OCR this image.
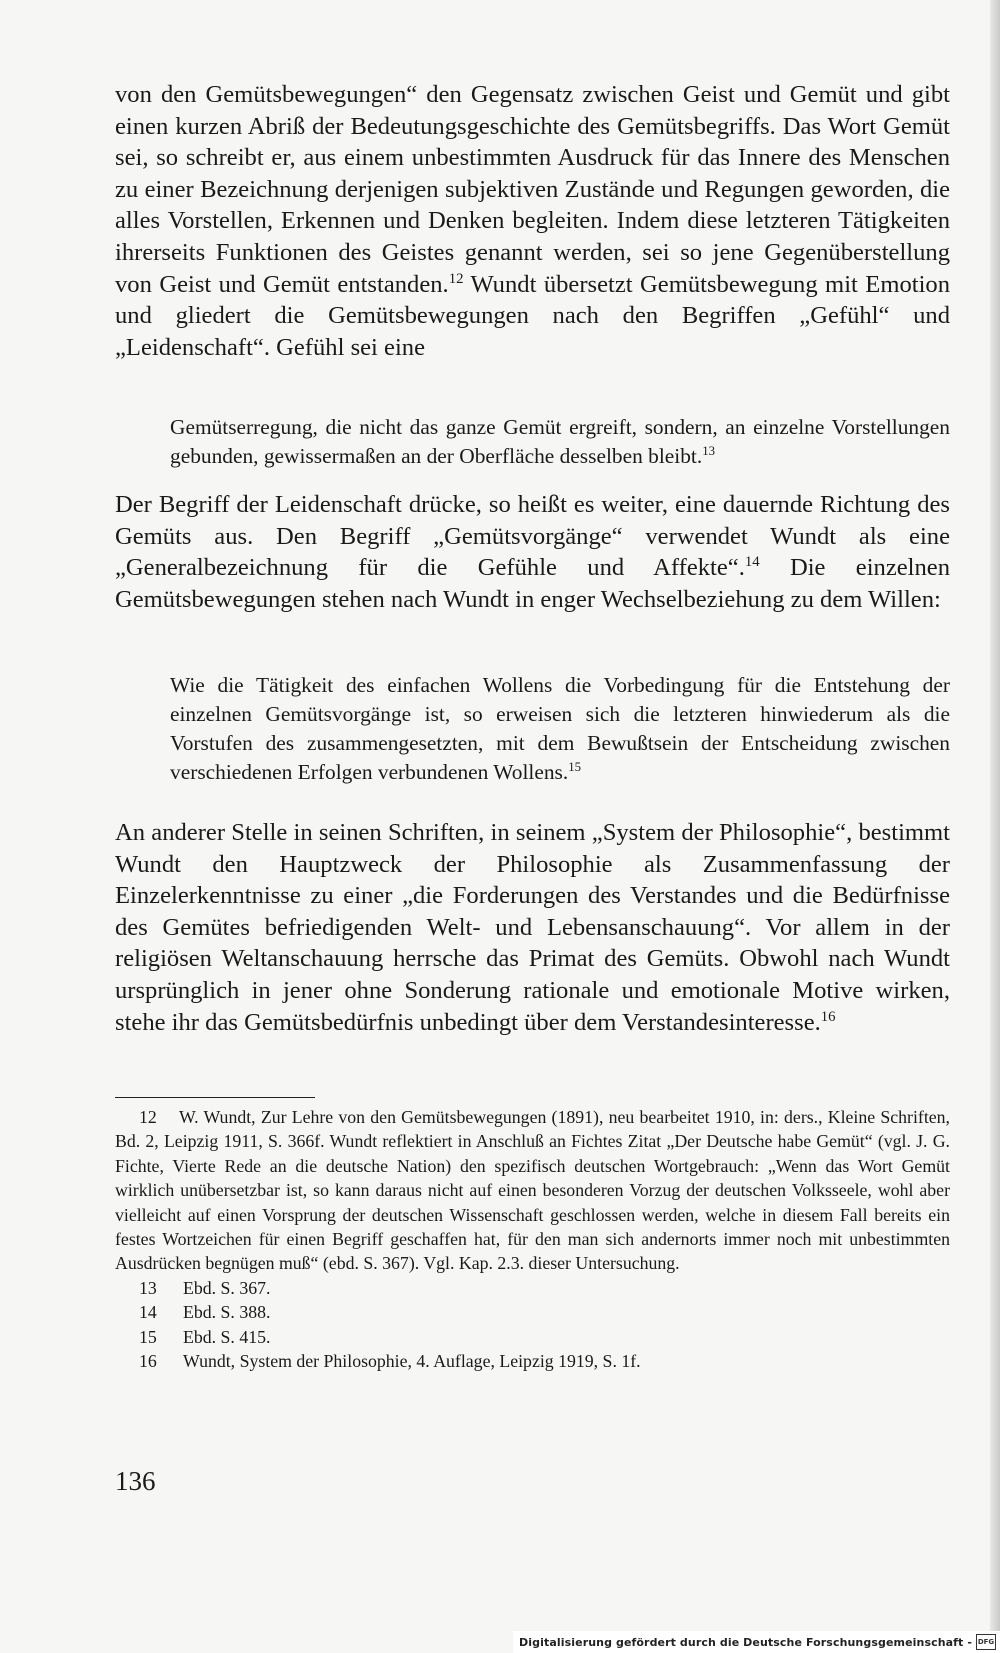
von den Gemütsbewegungen“ den Gegensatz zwischen Geist und Gemüt und gibt einen kurzen Abriß der Bedeutungsgeschichte des Gemütsbegriffs. Das Wort Gemüt sei, so schreibt er, aus einem unbestimmten Ausdruck für das Innere des Menschen zu einer Bezeichnung derjenigen subjektiven Zustände und Regungen geworden, die alles Vorstellen, Erkennen und Denken begleiten. Indem diese letzteren Tätigkeiten ihrerseits Funktionen des Geistes genannt werden, sei so jene Gegenüberstellung von Geist und Gemüt entstanden.$^{12}$ Wundt übersetzt Gemütsbewegung mit Emotion und gliedert die Gemütsbewegungen nach den Begriffen „Gefühl“ und „Leidenschaft“. Gefühl sei eine

Gemütserregung, die nicht das ganze Gemüt ergreift, sondern, an einzelne Vorstellungen gebunden, gewissermaßen an der Oberfläche desselben bleibt.$^{13}$

Der Begriff der Leidenschaft drücke, so heißt es weiter, eine dauernde Richtung des Gemüts aus. Den Begriff „Gemütsvorgänge“ verwendet Wundt als eine „Generalbezeichnung für die Gefühle und Affekte“.$^{14}$ Die einzelnen Gemütsbewegungen stehen nach Wundt in enger Wechselbeziehung zu dem Willen:

Wie die Tätigkeit des einfachen Wollens die Vorbedingung für die Entstehung der einzelnen Gemütsvorgänge ist, so erweisen sich die letzteren hinwiederum als die Vorstufen des zusammengesetzten, mit dem Bewußtsein der Entscheidung zwischen verschiedenen Erfolgen verbundenen Wollens.$^{15}$

An anderer Stelle in seinen Schriften, in seinem „System der Philosophie“, bestimmt Wundt den Hauptzweck der Philosophie als Zusammenfassung der Einzelerkenntnisse zu einer „die Forderungen des Verstandes und die Bedürfnisse des Gemütes befriedigenden Welt- und Lebensanschauung“. Vor allem in der religiösen Weltanschauung herrsche das Primat des Gemüts. Obwohl nach Wundt ursprünglich in jener ohne Sonderung rationale und emotionale Motive wirken, stehe ihr das Gemütsbedürfnis unbedingt über dem Verstandesinteresse.$^{16}$

12 W. Wundt, Zur Lehre von den Gemütsbewegungen (1891), neu bearbeitet 1910, in: ders., Kleine Schriften, Bd. 2, Leipzig 1911, S. 366f. Wundt reflektiert in Anschluß an Fichtes Zitat „Der Deutsche habe Gemüt“ (vgl. J. G. Fichte, Vierte Rede an die deutsche Nation) den spezifisch deutschen Wortgebrauch: „Wenn das Wort Gemüt wirklich unübersetzbar ist, so kann daraus nicht auf einen besonderen Vorzug der deutschen Volksseele, wohl aber vielleicht auf einen Vorsprung der deutschen Wissenschaft geschlossen werden, welche in diesem Fall bereits ein festes Wortzeichen für einen Begriff geschaffen hat, für den man sich andernorts immer noch mit unbestimmten Ausdrücken begnügen muß“ (ebd. S. 367). Vgl. Kap. 2.3. dieser Untersuchung.

13 Ebd. S. 367.

14 Ebd. S. 388.

15 Ebd. S. 415.

16 Wundt, System der Philosophie, 4. Auflage, Leipzig 1919, S. 1f.

136

Digitalisierung gefördert durch die Deutsche Forschungsgemeinschaft - DFG
